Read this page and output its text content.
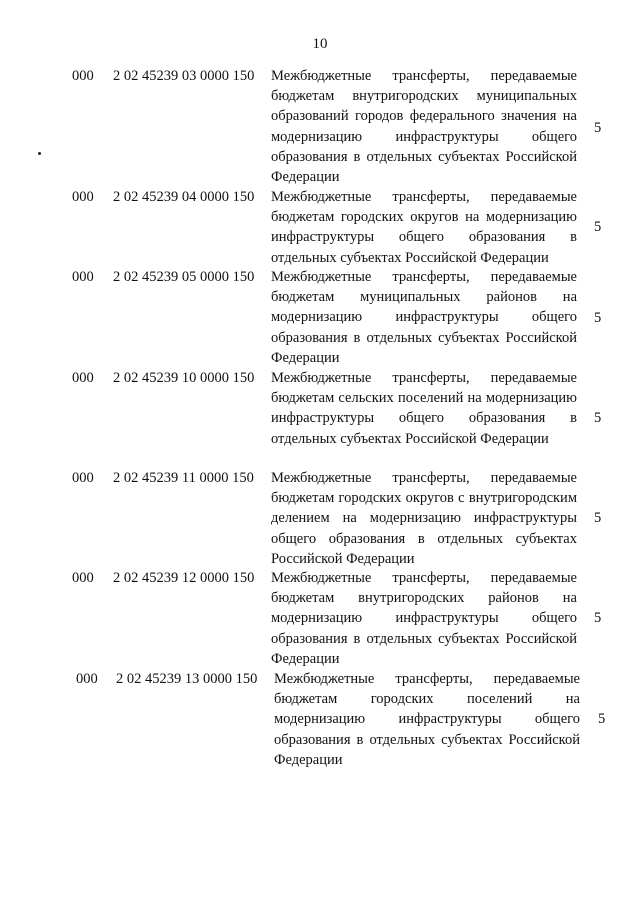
10
000 2 02 45239 03 0000 150 Межбюджетные трансферты, передаваемые бюджетам внутригородских муниципальных образований городов федерального значения на модернизацию инфраструктуры общего образования в отдельных субъектах Российской Федерации
5
000 2 02 45239 04 0000 150 Межбюджетные трансферты, передаваемые бюджетам городских округов на модернизацию инфраструктуры общего образования в отдельных субъектах Российской Федерации
5
000 2 02 45239 05 0000 150 Межбюджетные трансферты, передаваемые бюджетам муниципальных районов на модернизацию инфраструктуры общего образования в отдельных субъектах Российской Федерации
5
000 2 02 45239 10 0000 150 Межбюджетные трансферты, передаваемые бюджетам сельских поселений на модернизацию инфраструктуры общего образования в отдельных субъектах Российской Федерации
5
000 2 02 45239 11 0000 150 Межбюджетные трансферты, передаваемые бюджетам городских округов с внутригородским делением на модернизацию инфраструктуры общего образования в отдельных субъектах Российской Федерации
5
000 2 02 45239 12 0000 150 Межбюджетные трансферты, передаваемые бюджетам внутригородских районов на модернизацию инфраструктуры общего образования в отдельных субъектах Российской Федерации
5
000 2 02 45239 13 0000 150 Межбюджетные трансферты, передаваемые бюджетам городских поселений на модернизацию инфраструктуры общего образования в отдельных субъектах Российской Федерации
5
